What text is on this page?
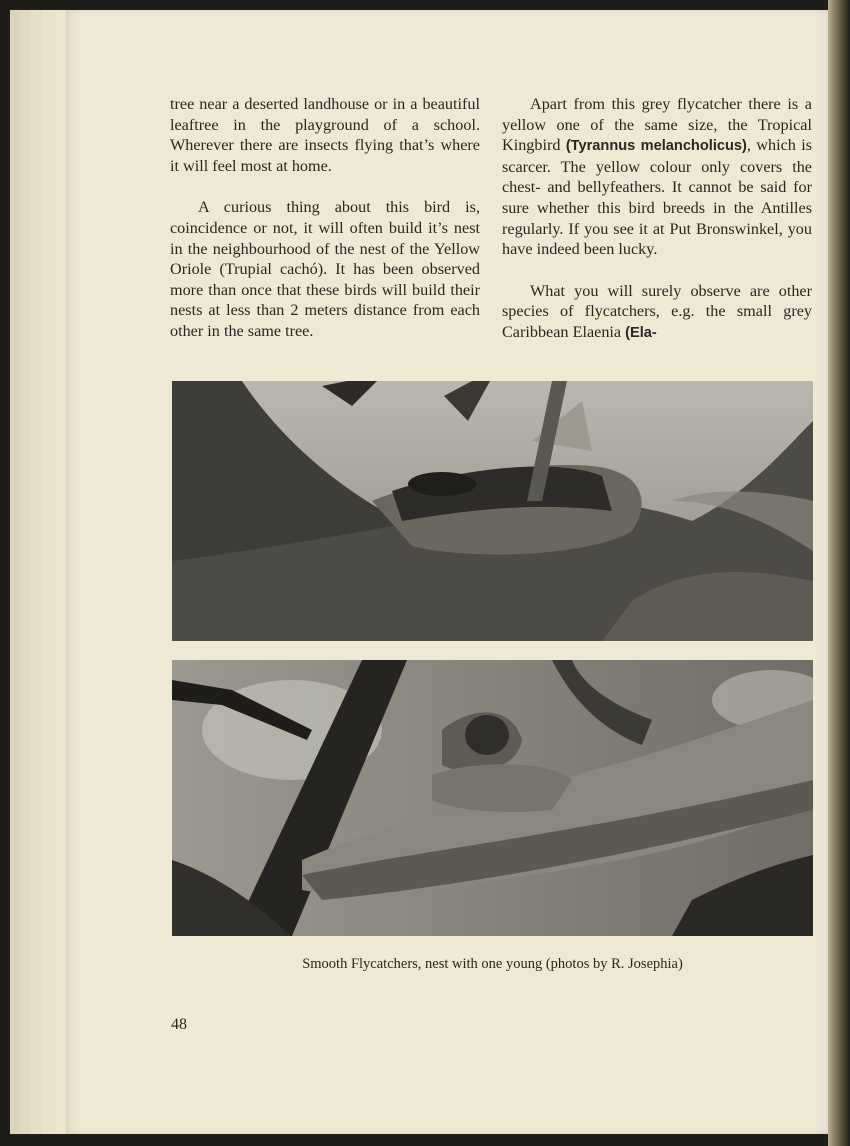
tree near a deserted landhouse or in a beautiful leaftree in the playground of a school. Wherever there are insects flying that’s where it will feel most at home.

A curious thing about this bird is, coincidence or not, it will often build it’s nest in the neighbourhood of the nest of the Yellow Oriole (Trupial cachó). It has been observed more than once that these birds will build their nests at less than 2 meters distance from each other in the same tree.

Apart from this grey flycatcher there is a yellow one of the same size, the Tropical Kingbird (Tyrannus melancholicus), which is scarcer. The yellow colour only covers the chest- and bellyfeathers. It cannot be said for sure whether this bird breeds in the Antilles regularly. If you see it at Put Bronswinkel, you have indeed been lucky.

What you will surely observe are other species of flycatchers, e.g. the small grey Caribbean Elaenia (Ela-

Smooth Flycatchers, nest with one young (photos by R. Josephia)
48
